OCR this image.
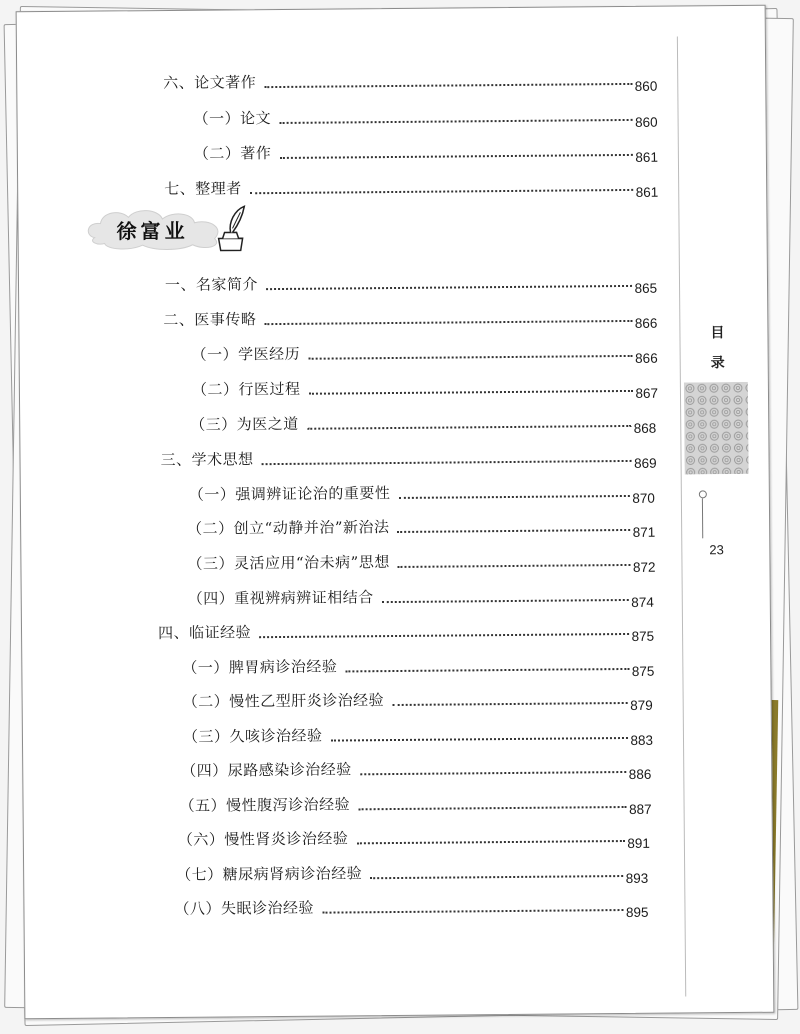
六、论文著作	860
（一）论文	860
（二）著作	861
七、整理者	861
徐富业
一、名家简介	865
二、医事传略	866
（一）学医经历	866
（二）行医过程	867
（三）为医之道	868
三、学术思想	869
（一）强调辨证论治的重要性	870
（二）创立“动静并治”新治法	871
（三）灵活应用“治未病”思想	872
（四）重视辨病辨证相结合	874
四、临证经验	875
（一）脾胃病诊治经验	875
（二）慢性乙型肝炎诊治经验	879
（三）久咳诊治经验	883
（四）尿路感染诊治经验	886
（五）慢性腹泻诊治经验	887
（六）慢性肾炎诊治经验	891
（七）糖尿病肾病诊治经验	893
（八）失眠诊治经验	895
目
录
23
